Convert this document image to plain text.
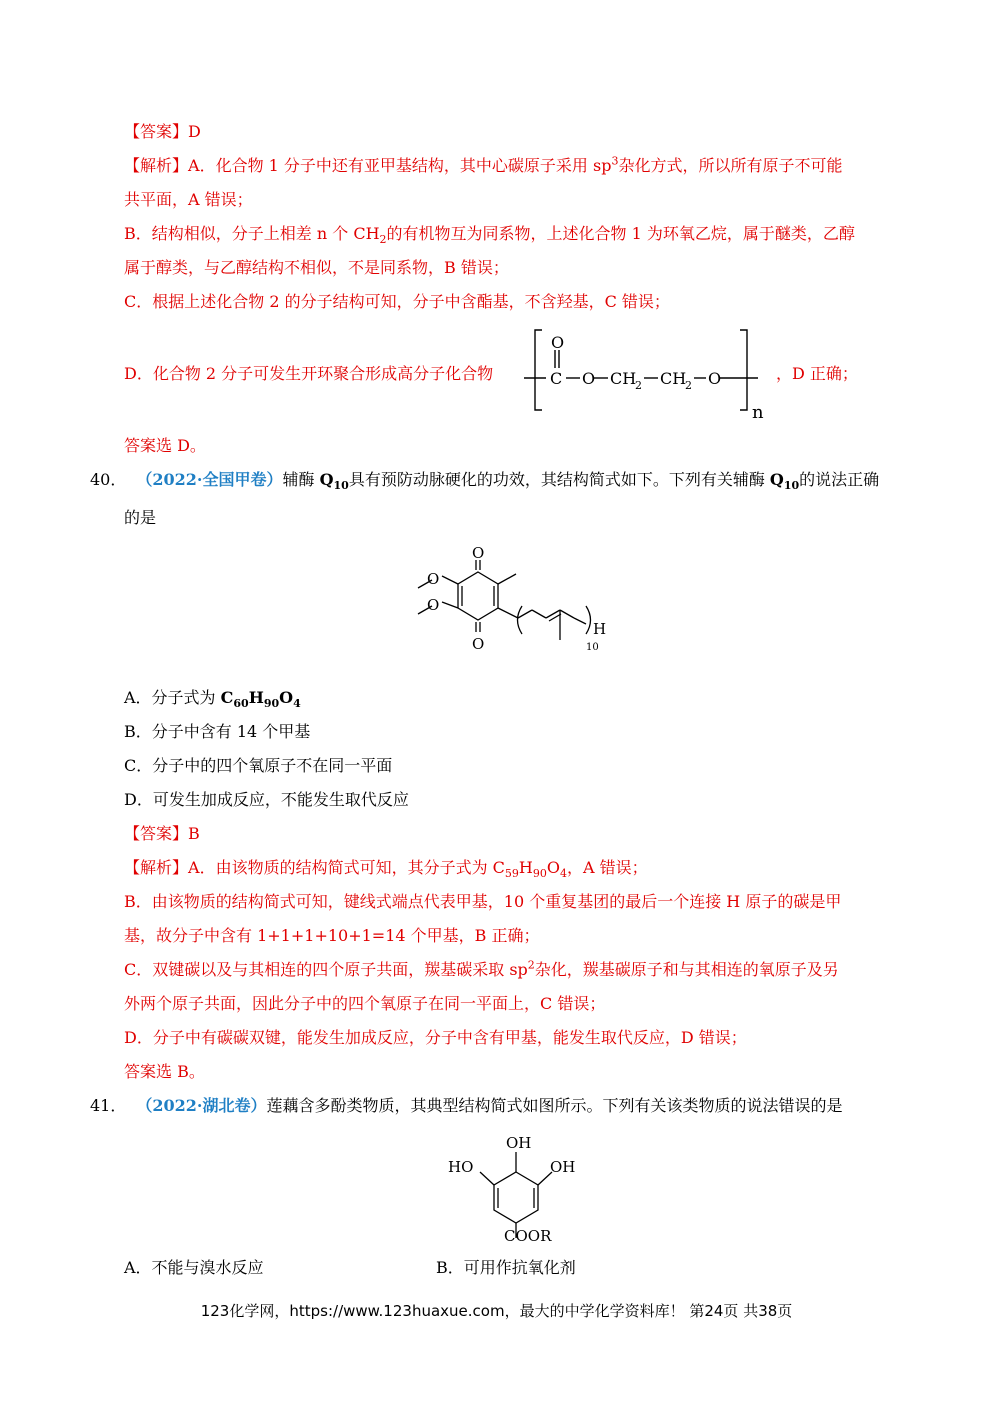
【答案】D
【解析】A．化合物 1 分子中还有亚甲基结构，其中心碳原子采用 $sp^3$杂化方式，所以所有原子不可能
共平面，A 错误；
B．结构相似，分子上相差 n 个 $CH_2$的有机物互为同系物，上述化合物 1 为环氧乙烷，属于醚类，乙醇
属于醇类，与乙醇结构不相似，不是同系物，B 错误；
C．根据上述化合物 2 的分子结构可知，分子中含酯基，不含羟基，C 错误；
D．化合物 2 分子可发生开环聚合形成高分子化合物
O
C O CH
2 CH
2 O
n
，D 正确；
答案选 D。
40． （2022·全国甲卷）辅酶 $Q_{10}$具有预防动脉硬化的功效，其结构简式如下。下列有关辅酶 $Q_{10}$的说法正确
的是
O
O
O
O
H
10
A．分子式为 $C_{60}H_{90}O_4$
B．分子中含有 14 个甲基
C．分子中的四个氧原子不在同一平面
D．可发生加成反应，不能发生取代反应
【答案】B
【解析】A．由该物质的结构简式可知，其分子式为 $C_{59}H_{90}O_4$，A 错误；
B．由该物质的结构简式可知，键线式端点代表甲基，10 个重复基团的最后一个连接 H 原子的碳是甲
基，故分子中含有 1+1+1+10+1=14 个甲基，B 正确；
C．双键碳以及与其相连的四个原子共面，羰基碳采取 $sp^2$杂化，羰基碳原子和与其相连的氧原子及另
外两个原子共面，因此分子中的四个氧原子在同一平面上，C 错误；
D．分子中有碳碳双键，能发生加成反应，分子中含有甲基，能发生取代反应，D 错误；
答案选 B。
41． （2022·湖北卷）莲藕含多酚类物质，其典型结构简式如图所示。下列有关该类物质的说法错误的是
OH
HO	OH
COOR
A．不能与溴水反应	B．可用作抗氧化剂
123化学网，https://www.123huaxue.com，最大的中学化学资料库！ 第24页 共38页
